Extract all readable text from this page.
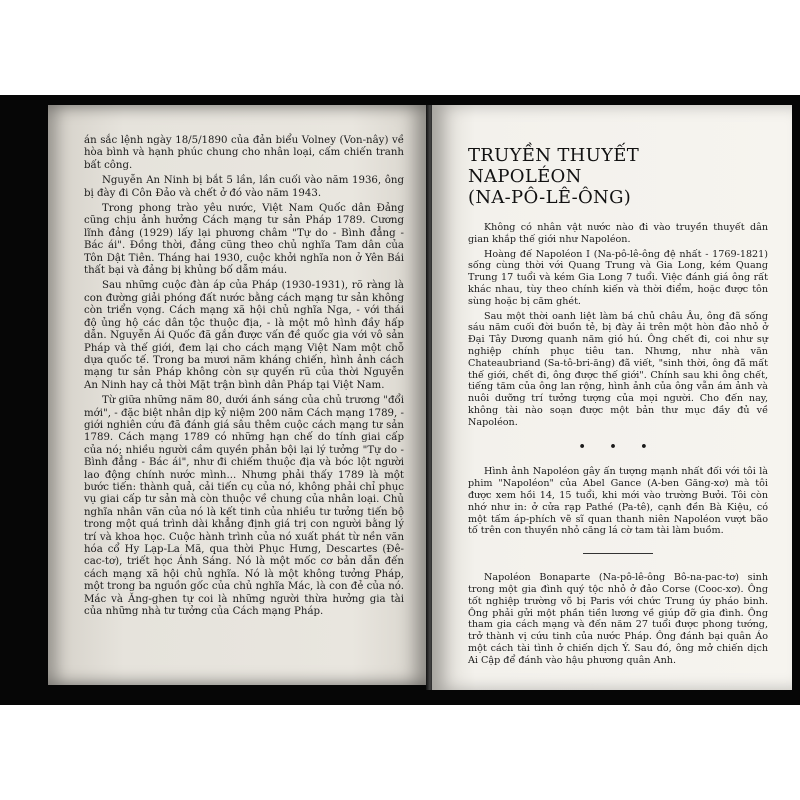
án sắc lệnh ngày 18/5/1890 của đản biểu Volney (Von-nây) về hòa bình và hạnh phúc chung cho nhân loại, cấm chiến tranh bất công.

Nguyễn An Ninh bị bắt 5 lần, lần cuối vào năm 1936, ông bị đày đi Côn Đảo và chết ở đó vào năm 1943.

Trong phong trào yêu nước, Việt Nam Quốc dân Đảng cũng chịu ảnh hưởng Cách mạng tư sản Pháp 1789. Cương lĩnh đảng (1929) lấy lại phương châm "Tự do - Bình đẳng - Bác ái". Đồng thời, đảng cũng theo chủ nghĩa Tam dân của Tôn Dật Tiên. Tháng hai 1930, cuộc khởi nghĩa non ở Yên Bái thất bại và đảng bị khủng bố dẫm máu.

Sau những cuộc đàn áp của Pháp (1930-1931), rõ ràng là con đường giải phóng đất nước bằng cách mạng tư sản không còn triển vọng. Cách mạng xã hội chủ nghĩa Nga, - với thái độ ủng hộ các dân tộc thuộc địa, - là một mô hình đầy hấp dẫn. Nguyễn Ái Quốc đã gắn được vấn đề quốc gia với vô sản Pháp và thế giới, đem lại cho cách mạng Việt Nam một chỗ dựa quốc tế. Trong ba mươi năm kháng chiến, hình ảnh cách mạng tư sản Pháp không còn sự quyến rũ của thời Nguyễn An Ninh hay cả thời Mặt trận bình dân Pháp tại Việt Nam.

Từ giữa những năm 80, dưới ánh sáng của chủ trương "đổi mới", - đặc biệt nhân dịp kỷ niệm 200 năm Cách mạng 1789, - giới nghiên cứu đã đánh giá sâu thêm cuộc cách mạng tư sản 1789. Cách mạng 1789 có những hạn chế do tính giai cấp của nó; nhiều người cầm quyền phản bội lại lý tưởng "Tự do - Bình đẳng - Bác ái", như đi chiếm thuộc địa và bóc lột người lao động chính nước mình... Nhưng phải thấy 1789 là một bước tiến: thành quả, cải tiến cụ của nó, không phải chỉ phục vụ giai cấp tư sản mà còn thuộc về chung của nhân loại. Chủ nghĩa nhân văn của nó là kết tinh của nhiều tư tưởng tiến bộ trong một quá trình dài khẳng định giá trị con người bằng lý trí và khoa học. Cuộc hành trình của nó xuất phát từ nền văn hóa cổ Hy Lạp-La Mã, qua thời Phục Hưng, Descartes (Đê-cac-tơ), triết học Ánh Sáng. Nó là một mốc cơ bản dẫn đến cách mạng xã hội chủ nghĩa. Nó là một không tưởng Pháp, một trong ba nguồn gốc của chủ nghĩa Mác, là con đẻ của nó. Mác và Ăng-ghen tự coi là những người thừa hưởng gia tài của những nhà tư tưởng của Cách mạng Pháp.

TRUYỀN THUYẾT
NAPOLÉON
(NA-PÔ-LÊ-ÔNG)

Không có nhân vật nước nào đi vào truyền thuyết dân gian khắp thế giới như Napoléon.

Hoàng đế Napoléon I (Na-pô-lê-ông đệ nhất - 1769-1821) sống cùng thời với Quang Trung và Gia Long, kém Quang Trung 17 tuổi và kém Gia Long 7 tuổi. Việc đánh giá ông rất khác nhau, tùy theo chính kiến và thời điểm, hoặc được tôn sùng hoặc bị căm ghét.

Sau một thời oanh liệt làm bá chủ châu Âu, ông đã sống sáu năm cuối đời buồn tẻ, bị đày ải trên một hòn đảo nhỏ ở Đại Tây Dương quanh năm gió hú. Ông chết đi, coi như sự nghiệp chính phục tiêu tan. Nhưng, như nhà văn Chateaubriand (Sa-tô-bri-ăng) đã viết, "sinh thời, ông đã mất thế giới, chết đi, ông được thế giới". Chính sau khi ông chết, tiếng tăm của ông lan rộng, hình ảnh của ông vẫn ám ảnh và nuôi dưỡng trí tưởng tượng của mọi người. Cho đến nay, không tài nào soạn được một bản thư mục đầy đủ về Napoléon.

• • •

Hình ảnh Napoléon gây ấn tượng mạnh nhất đối với tôi là phim "Napoléon" của Abel Gance (A-ben Găng-xơ) mà tôi được xem hồi 14, 15 tuổi, khi mới vào trường Bưởi. Tôi còn nhớ như in: ở cửa rạp Pathé (Pa-tê), cạnh đền Bà Kiệu, có một tấm áp-phích vẽ sĩ quan thanh niên Napoléon vượt bão tố trên con thuyền nhỏ căng lá cờ tam tài làm buồm.

Napoléon Bonaparte (Na-pô-lê-ông Bô-na-pac-tơ) sinh trong một gia đình quý tộc nhỏ ở đảo Corse (Cooc-xơ). Ông tốt nghiệp trường võ bị Paris với chức Trung úy pháo binh. Ông phải gửi một phần tiền lương về giúp đỡ gia đình. Ông tham gia cách mạng và đến năm 27 tuổi được phong tướng, trở thành vị cứu tinh của nước Pháp. Ông đánh bại quân Áo một cách tài tình ở chiến dịch Ý. Sau đó, ông mở chiến dịch Ai Cập để đánh vào hậu phương quân Anh.
